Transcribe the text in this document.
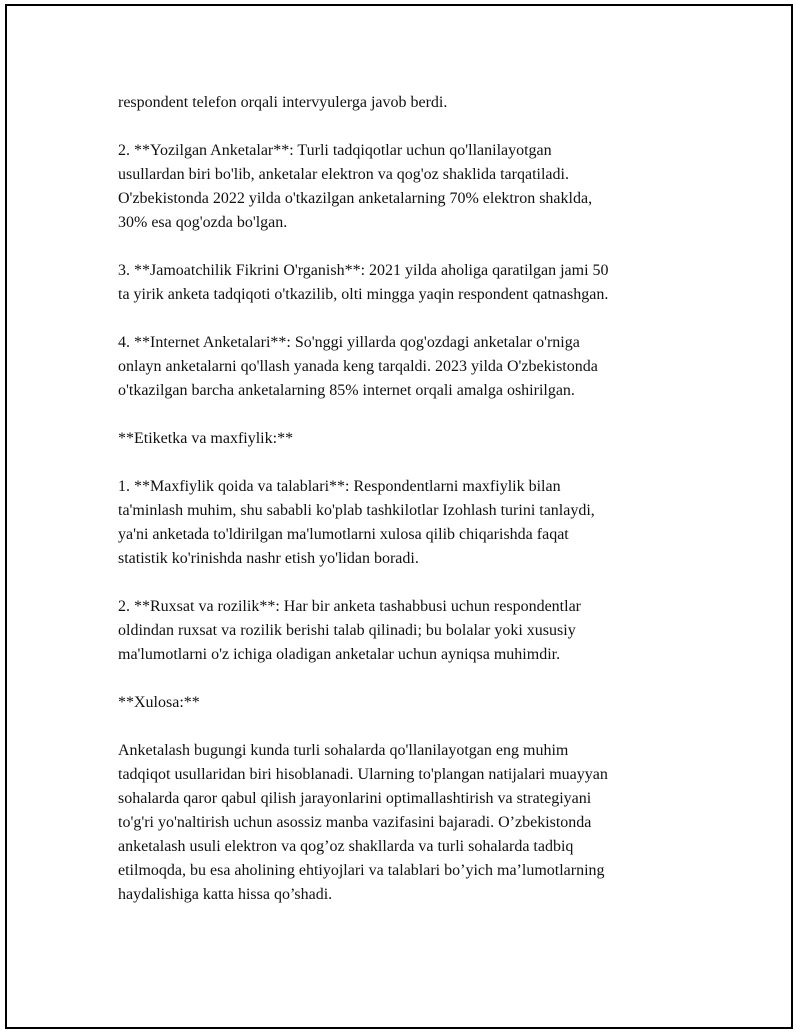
respondent telefon orqali intervyulerga javob berdi.

2. **Yozilgan Anketalar**: Turli tadqiqotlar uchun qo'llanilayotgan
usullardan biri bo'lib, anketalar elektron va qog'oz shaklida tarqatiladi.
O'zbekistonda 2022 yilda o'tkazilgan anketalarning 70% elektron shaklda,
30% esa qog'ozda bo'lgan.

3. **Jamoatchilik Fikrini O'rganish**: 2021 yilda aholiga qaratilgan jami 50
ta yirik anketa tadqiqoti o'tkazilib, olti mingga yaqin respondent qatnashgan.

4. **Internet Anketalari**: So'nggi yillarda qog'ozdagi anketalar o'rniga
onlayn anketalarni qo'llash yanada keng tarqaldi. 2023 yilda O'zbekistonda
o'tkazilgan barcha anketalarning 85% internet orqali amalga oshirilgan.

**Etiketka va maxfiylik:**

1. **Maxfiylik qoida va talablari**: Respondentlarni maxfiylik bilan
ta'minlash muhim, shu sababli ko'plab tashkilotlar Izohlash turini tanlaydi,
ya'ni anketada to'ldirilgan ma'lumotlarni xulosa qilib chiqarishda faqat
statistik ko'rinishda nashr etish yo'lidan boradi.

2. **Ruxsat va rozilik**: Har bir anketa tashabbusi uchun respondentlar
oldindan ruxsat va rozilik berishi talab qilinadi; bu bolalar yoki xususiy
ma'lumotlarni o'z ichiga oladigan anketalar uchun ayniqsa muhimdir.

**Xulosa:**

Anketalash bugungi kunda turli sohalarda qo'llanilayotgan eng muhim
tadqiqot usullaridan biri hisoblanadi. Ularning to'plangan natijalari muayyan
sohalarda qaror qabul qilish jarayonlarini optimallashtirish va strategiyani
to'g'ri yo'naltirish uchun asossiz manba vazifasini bajaradi. O’zbekistonda
anketalash usuli elektron va qog’oz shakllarda va turli sohalarda tadbiq
etilmoqda, bu esa aholining ehtiyojlari va talablari bo’yich ma’lumotlarning
haydalishiga katta hissa qo’shadi.
